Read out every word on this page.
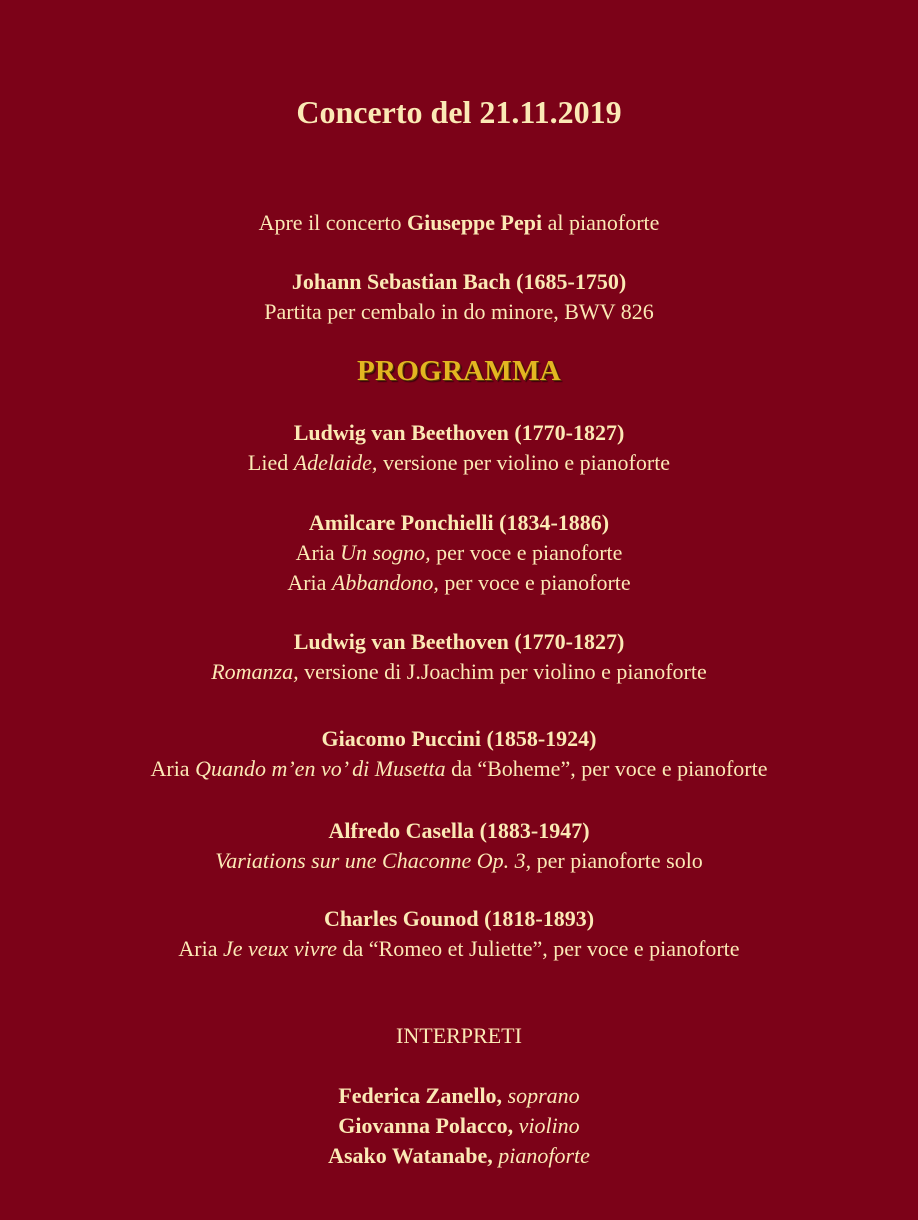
Concerto del 21.11.2019
Apre il concerto Giuseppe Pepi al pianoforte
Johann Sebastian Bach (1685-1750)
Partita per cembalo in do minore, BWV 826
PROGRAMMA
Ludwig van Beethoven (1770-1827)
Lied Adelaide, versione per violino e pianoforte
Amilcare Ponchielli (1834-1886)
Aria Un sogno, per voce e pianoforte
Aria Abbandono, per voce e pianoforte
Ludwig van Beethoven (1770-1827)
Romanza, versione di J.Joachim per violino e pianoforte
Giacomo Puccini (1858-1924)
Aria Quando m’en vo’ di Musetta da “Boheme”, per voce e pianoforte
Alfredo Casella (1883-1947)
Variations sur une Chaconne Op. 3, per pianoforte solo
Charles Gounod (1818-1893)
Aria Je veux vivre da “Romeo et Juliette”, per voce e pianoforte
INTERPRETI
Federica Zanello, soprano
Giovanna Polacco, violino
Asako Watanabe, pianoforte
